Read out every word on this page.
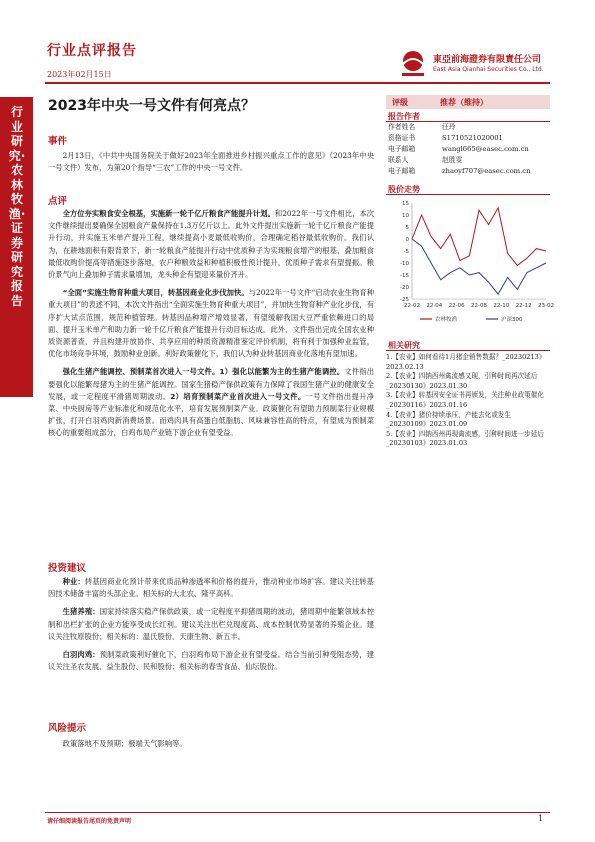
行业点评报告
2023年02月15日
東亞前海證券有限責任公司
East Asia Qianhai Securities Co., Ltd.
行业研究·农林牧渔·证券研究报告
2023年中央一号文件有何亮点？
事件

2月13日，《中共中央国务院关于做好2023年全面推进乡村振兴重点工作的意见》（2023年中央一号文件）发布，为第20个指导“三农”工作的中央一号文件。

点评

全方位夯实粮食安全根基，实施新一轮千亿斤粮食产能提升计划。和2022年一号文件相比，本次文件继续提出要确保全国粮食产量保持在1.3万亿斤以上。此外文件提出实施新一轮千亿斤粮食产能提升行动，并实施玉米单产提升工程，继续提高小麦最低收购价，合理确定稻谷最低收购价。我们认为，在耕地面积有限背景下，新一轮粮食产能提升行动中优质种子为实现粮食增产的根基，叠加粮食最低收购价提高等措施逐步落地，农户种粮效益和种植积极性预计提升，优质种子需求有望提振。粮价景气向上叠加种子需求量增加，龙头种企有望迎来量价齐升。

“全面”实施生物育种重大项目，转基因商业化步伐加快。与2022年一号文件“启动农业生物育种重大项目”的表述不同，本次文件指出“全面实施生物育种重大项目”，并加快生物育种产业化步伐，有序扩大试点范围，规范种植管理。转基因品种增产增效显著，有望缓解我国大豆严重依赖进口的局面、提升玉米单产和助力新一轮千亿斤粮食产能提升行动目标达成。此外，文件指出完成全国农业种质资源普查，并且构建开放协作、共享应用的种质资源精准鉴定评价机制，将有利于加强种业监管，优化市场竞争环境，鼓励种业创新。利好政策催化下，我们认为种业转基因商业化落地有望加速。

强化生猪产能调控、预制菜首次进入一号文件。1）强化以能繁为主的生猪产能调控。文件指出要强化以能繁母猪为主的生猪产能调控。国家生猪稳产保供政策有力保障了我国生猪产业的健康安全发展，或一定程度平滑猪周期波动。2）培育预制菜产业首次进入一号文件。一号文件指出提升净菜、中央厨房等产业标准化和规范化水平，培育发展预制菜产业。政策催化有望助力预制菜行业规模扩张，打开白羽鸡肉新消费场景。而鸡肉具有高蛋白低脂肪、风味兼容性高的特点，有望成为预制菜核心的重要组成部分，白鸡布局产业链下游企业有望受益。

投资建议

种业：转基因商业化预计带来优质品种渗透率和价格的提升，推动种业市场扩容。建议关注转基因技术储备丰富的头部企业。相关标的大北农、隆平高科。

生猪养殖：国家持续落实稳产保供政策，或一定程度平抑猪周期的波动，猪周期中能繁领域本控制和出栏扩张的企业方能享受成长红利。建议关注出栏兑现度高、成本控制优势显著的养殖企业。建议关注牧原股份；相关标的：温氏股份、天康生物、新五丰。

白羽肉鸡：预制菜政策利好催化下，白羽鸡布局下游企业有望受益。结合当前引种受阻态势，建议关注圣农发展、益生股份、民和股份；相关标的春雪食品、仙坛股份。

风险提示

政策落地不及预期；极端天气影响等。

评级	推荐（维持）
报告作者
作者姓名	汪玲
资格证书	S1710521020001
电子邮箱	wangl665@easec.com.cn
联系人	赵胜雯
电子邮箱	zhaoyf707@easec.com.cn
股价走势
15
10
5
0
-5
-10
-15
-20
-25
22-02 22-04 22-06 22-08 22-10 22-12 23-02
农林牧渔	沪深300
相关研究
1.【农业】如何看待1月猪企销售数据？_20230213》2023.02.13
2.【农业】四钠西州禽流感又现，引种时间再次延后_20230130》2023.01.30
3.【农业】转基因安全证书再颁发，关注种业政策催化_20230116》2023.01.16
4.【农业】猪价持续承压，产能去化或发生_20230109》2023.01.09
5.【农业】四钠西州再现禽流感，引种时间进一步延后_20230103》2023.01.03
请仔细阅读报告尾页的免责声明	1
